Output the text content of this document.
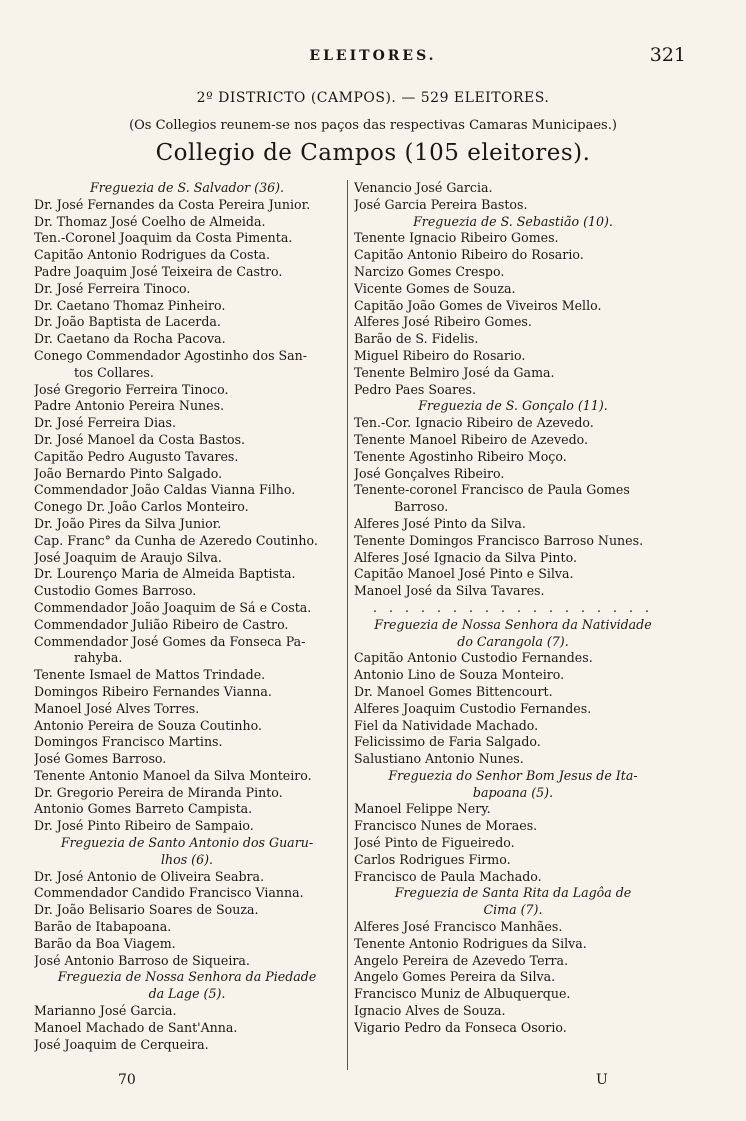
ELEITORES.	321
2º DISTRICTO (CAMPOS). — 529 ELEITORES.
(Os Collegios reunem-se nos paços das respectivas Camaras Municipaes.)
Collegio de Campos (105 eleitores).
Freguezia de S. Salvador (36).
Dr. José Fernandes da Costa Pereira Junior.
Dr. Thomaz José Coelho de Almeida.
Ten.-Coronel Joaquim da Costa Pimenta.
Capitão Antonio Rodrigues da Costa.
Padre Joaquim José Teixeira de Castro.
Dr. José Ferreira Tinoco.
Dr. Caetano Thomaz Pinheiro.
Dr. João Baptista de Lacerda.
Dr. Caetano da Rocha Pacova.
Conego Commendador Agostinho dos San-
tos Collares.
José Gregorio Ferreira Tinoco.
Padre Antonio Pereira Nunes.
Dr. José Ferreira Dias.
Dr. José Manoel da Costa Bastos.
Capitão Pedro Augusto Tavares.
João Bernardo Pinto Salgado.
Commendador João Caldas Vianna Filho.
Conego Dr. João Carlos Monteiro.
Dr. João Pires da Silva Junior.
Cap. Franc° da Cunha de Azeredo Coutinho.
José Joaquim de Araujo Silva.
Dr. Lourenço Maria de Almeida Baptista.
Custodio Gomes Barroso.
Commendador João Joaquim de Sá e Costa.
Commendador Julião Ribeiro de Castro.
Commendador José Gomes da Fonseca Pa-
rahyba.
Tenente Ismael de Mattos Trindade.
Domingos Ribeiro Fernandes Vianna.
Manoel José Alves Torres.
Antonio Pereira de Souza Coutinho.
Domingos Francisco Martins.
José Gomes Barroso.
Tenente Antonio Manoel da Silva Monteiro.
Dr. Gregorio Pereira de Miranda Pinto.
Antonio Gomes Barreto Campista.
Dr. José Pinto Ribeiro de Sampaio.
Freguezia de Santo Antonio dos Guaru-
lhos (6).
Dr. José Antonio de Oliveira Seabra.
Commendador Candido Francisco Vianna.
Dr. João Belisario Soares de Souza.
Barão de Itabapoana.
Barão da Boa Viagem.
José Antonio Barroso de Siqueira.
Freguezia de Nossa Senhora da Piedade
da Lage (5).
Marianno José Garcia.
Manoel Machado de Sant'Anna.
José Joaquim de Cerqueira.
Venancio José Garcia.
José Garcia Pereira Bastos.
Freguezia de S. Sebastião (10).
Tenente Ignacio Ribeiro Gomes.
Capitão Antonio Ribeiro do Rosario.
Narcizo Gomes Crespo.
Vicente Gomes de Souza.
Capitão João Gomes de Viveiros Mello.
Alferes José Ribeiro Gomes.
Barão de S. Fidelis.
Miguel Ribeiro do Rosario.
Tenente Belmiro José da Gama.
Pedro Paes Soares.
Freguezia de S. Gonçalo (11).
Ten.-Cor. Ignacio Ribeiro de Azevedo.
Tenente Manoel Ribeiro de Azevedo.
Tenente Agostinho Ribeiro Moço.
José Gonçalves Ribeiro.
Tenente-coronel Francisco de Paula Gomes
Barroso.
Alferes José Pinto da Silva.
Tenente Domingos Francisco Barroso Nunes.
Alferes José Ignacio da Silva Pinto.
Capitão Manoel José Pinto e Silva.
Manoel José da Silva Tavares.
. . . . . . . . . . . . . . . . . .
Freguezia de Nossa Senhora da Natividade
do Carangola (7).
Capitão Antonio Custodio Fernandes.
Antonio Lino de Souza Monteiro.
Dr. Manoel Gomes Bittencourt.
Alferes Joaquim Custodio Fernandes.
Fiel da Natividade Machado.
Felicissimo de Faria Salgado.
Salustiano Antonio Nunes.
Freguezia do Senhor Bom Jesus de Ita-
bapoana (5).
Manoel Felippe Nery.
Francisco Nunes de Moraes.
José Pinto de Figueiredo.
Carlos Rodrigues Firmo.
Francisco de Paula Machado.
Freguezia de Santa Rita da Lagôa de
Cima (7).
Alferes José Francisco Manhães.
Tenente Antonio Rodrigues da Silva.
Angelo Pereira de Azevedo Terra.
Angelo Gomes Pereira da Silva.
Francisco Muniz de Albuquerque.
Ignacio Alves de Souza.
Vigario Pedro da Fonseca Osorio.
70	U
